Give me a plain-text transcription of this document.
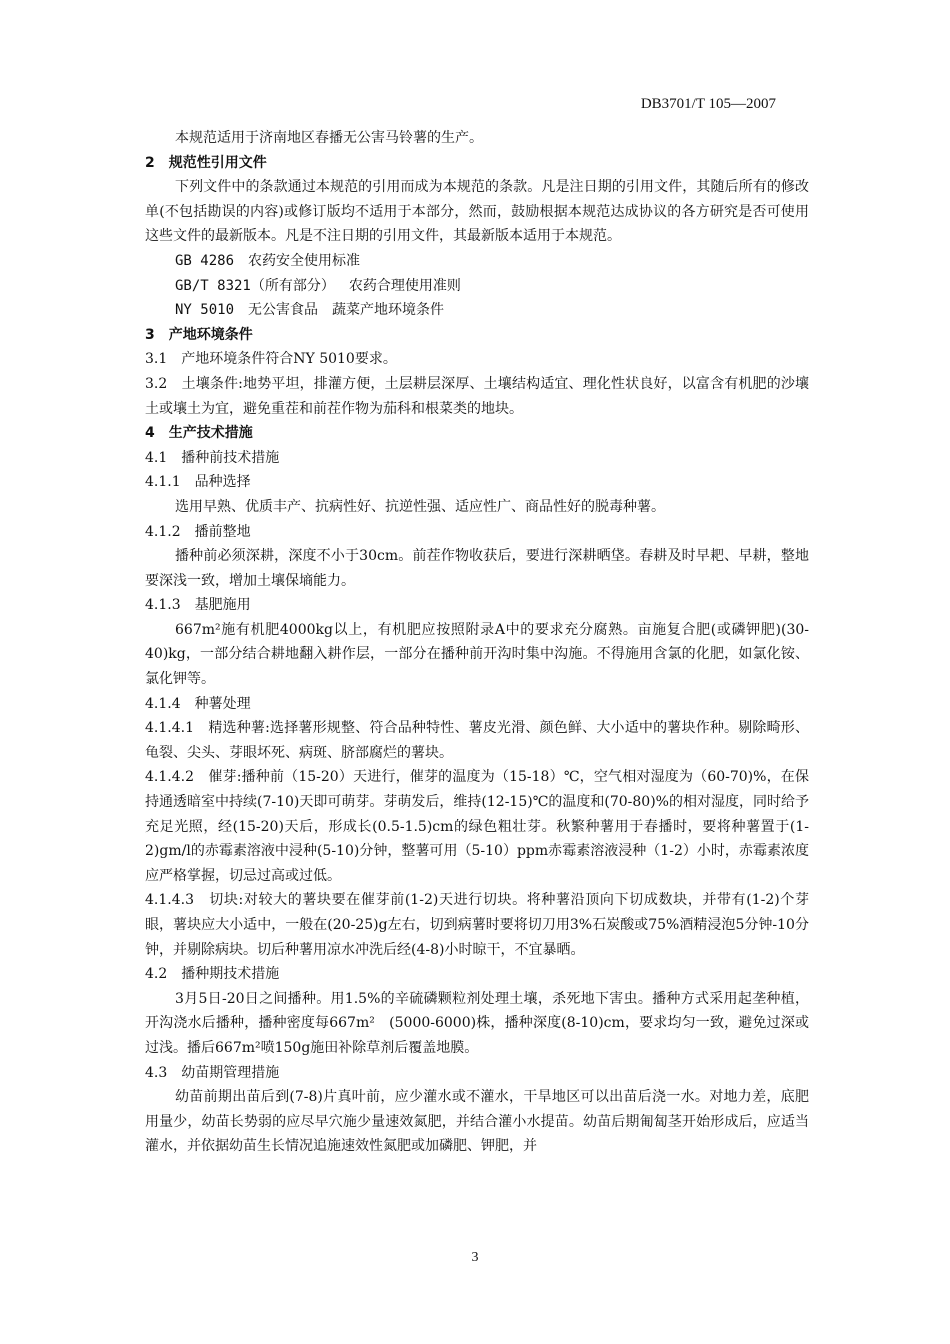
DB3701/T 105—2007

本规范适用于济南地区春播无公害马铃薯的生产。

2　规范性引用文件

下列文件中的条款通过本规范的引用而成为本规范的条款。凡是注日期的引用文件，其随后所有的修改单(不包括勘误的内容)或修订版均不适用于本部分，然而，鼓励根据本规范达成协议的各方研究是否可使用这些文件的最新版本。凡是不注日期的引用文件，其最新版本适用于本规范。

GB 4286 农药安全使用标准

GB/T 8321（所有部分） 农药合理使用准则

NY 5010 无公害食品　蔬菜产地环境条件

3　产地环境条件

3.1　产地环境条件符合NY 5010要求。

3.2　土壤条件:地势平坦，排灌方便，土层耕层深厚、土壤结构适宜、理化性状良好，以富含有机肥的沙壤土或壤土为宜，避免重茬和前茬作物为茄科和根菜类的地块。

4　生产技术措施

4.1　播种前技术措施

4.1.1　品种选择

选用早熟、优质丰产、抗病性好、抗逆性强、适应性广、商品性好的脱毒种薯。

4.1.2　播前整地

播种前必须深耕，深度不小于30cm。前茬作物收获后，要进行深耕晒垡。春耕及时早耙、早耕，整地要深浅一致，增加土壤保墒能力。

4.1.3　基肥施用

667m²施有机肥4000kg以上，有机肥应按照附录A中的要求充分腐熟。亩施复合肥(或磷钾肥)(30-40)kg，一部分结合耕地翻入耕作层，一部分在播种前开沟时集中沟施。不得施用含氯的化肥，如氯化铵、氯化钾等。

4.1.4　种薯处理

4.1.4.1　精选种薯:选择薯形规整、符合品种特性、薯皮光滑、颜色鲜、大小适中的薯块作种。剔除畸形、龟裂、尖头、芽眼坏死、病斑、脐部腐烂的薯块。

4.1.4.2　催芽:播种前（15-20）天进行，催芽的温度为（15-18）℃，空气相对湿度为（60-70)%，在保持通透暗室中持续(7-10)天即可萌芽。芽萌发后，维持(12-15)℃的温度和(70-80)%的相对湿度，同时给予充足光照，经(15-20)天后，形成长(0.5-1.5)cm的绿色粗壮芽。秋繁种薯用于春播时，要将种薯置于(1-2)gm/l的赤霉素溶液中浸种(5-10)分钟，整薯可用（5-10）ppm赤霉素溶液浸种（1-2）小时，赤霉素浓度应严格掌握，切忌过高或过低。

4.1.4.3　切块:对较大的薯块要在催芽前(1-2)天进行切块。将种薯沿顶向下切成数块，并带有(1-2)个芽眼，薯块应大小适中，一般在(20-25)g左右，切到病薯时要将切刀用3%石炭酸或75%酒精浸泡5分钟-10分钟，并剔除病块。切后种薯用凉水冲洗后经(4-8)小时晾干，不宜暴晒。

4.2　播种期技术措施

3月5日-20日之间播种。用1.5%的辛硫磷颗粒剂处理土壤，杀死地下害虫。播种方式采用起垄种植，开沟浇水后播种，播种密度每667m²　(5000-6000)株，播种深度(8-10)cm，要求均匀一致，避免过深或过浅。播后667m²喷150g施田补除草剂后覆盖地膜。

4.3　幼苗期管理措施

幼苗前期出苗后到(7-8)片真叶前，应少灌水或不灌水，干旱地区可以出苗后浇一水。对地力差，底肥用量少，幼苗长势弱的应尽早穴施少量速效氮肥，并结合灌小水提苗。幼苗后期匍匐茎开始形成后，应适当灌水，并依据幼苗生长情况追施速效性氮肥或加磷肥、钾肥，并

3
